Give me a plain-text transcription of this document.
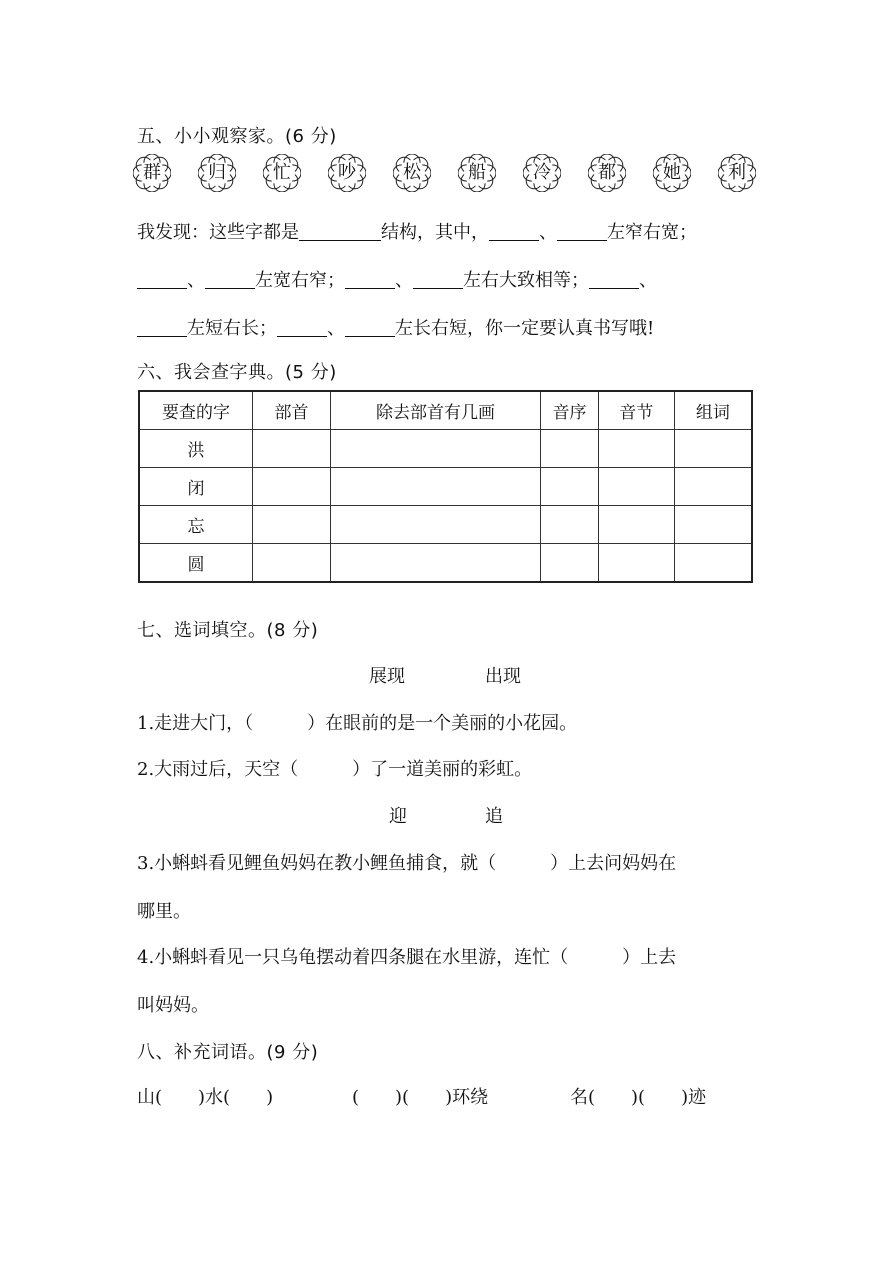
五、小小观察家。(6 分)
群	归	忙	吵	松	船	冷	都	她	利
我发现：这些字都是	结构，其中，	、	左窄右宽；
、	左宽右窄；	、	左右大致相等；	、
左短右长；	、	左长右短，你一定要认真书写哦!
六、我会查字典。(5 分)
要查的字	部首	除去部首有几画	音序	音节	组词
洪					
闭					
忘					
圆					
七、选词填空。(8 分)
展现	出现
1.走进大门，（　　　）在眼前的是一个美丽的小花园。
2.大雨过后，天空（　　　）了一道美丽的彩虹。
迎	追
3.小蝌蚪看见鲤鱼妈妈在教小鲤鱼捕食，就（　　　）上去问妈妈在
哪里。
4.小蝌蚪看见一只乌龟摆动着四条腿在水里游，连忙（　　　）上去
叫妈妈。
八、补充词语。(9 分)
山(　　)水(　　)	(　　)(　　)环绕	名(　　)(　　)迹
